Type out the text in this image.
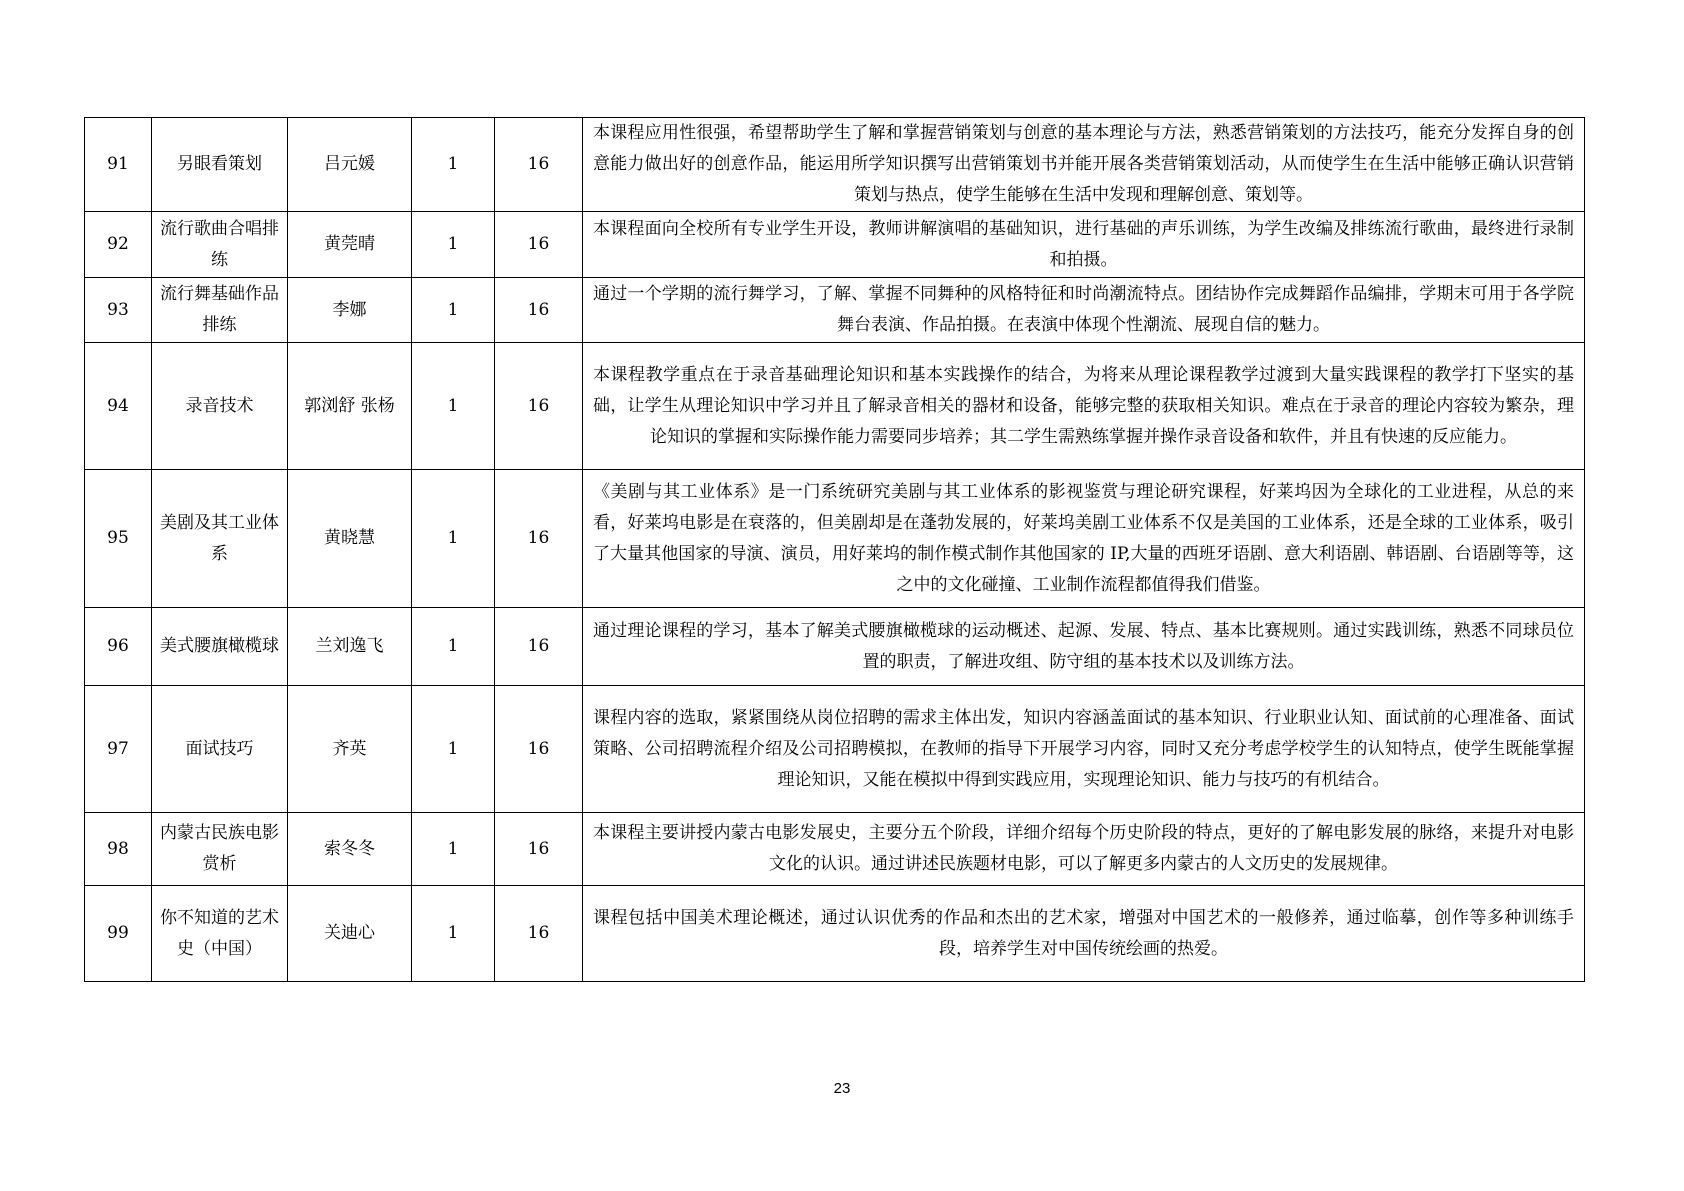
91	另眼看策划	吕元媛	1	16	本课程应用性很强，希望帮助学生了解和掌握营销策划与创意的基本理论与方法，熟悉营销策划的方法技巧，能充分发挥自身的创意能力做出好的创意作品，能运用所学知识撰写出营销策划书并能开展各类营销策划活动，从而使学生在生活中能够正确认识营销策划与热点，使学生能够在生活中发现和理解创意、策划等。
92	流行歌曲合唱排练	黄莞晴	1	16	本课程面向全校所有专业学生开设，教师讲解演唱的基础知识，进行基础的声乐训练，为学生改编及排练流行歌曲，最终进行录制和拍摄。
93	流行舞基础作品排练	李娜	1	16	通过一个学期的流行舞学习，了解、掌握不同舞种的风格特征和时尚潮流特点。团结协作完成舞蹈作品编排，学期末可用于各学院舞台表演、作品拍摄。在表演中体现个性潮流、展现自信的魅力。
94	录音技术	郭浏舒 张杨	1	16	本课程教学重点在于录音基础理论知识和基本实践操作的结合，为将来从理论课程教学过渡到大量实践课程的教学打下坚实的基础，让学生从理论知识中学习并且了解录音相关的器材和设备，能够完整的获取相关知识。难点在于录音的理论内容较为繁杂，理论知识的掌握和实际操作能力需要同步培养；其二学生需熟练掌握并操作录音设备和软件，并且有快速的反应能力。
95	美剧及其工业体系	黄晓慧	1	16	《美剧与其工业体系》是一门系统研究美剧与其工业体系的影视鉴赏与理论研究课程，好莱坞因为全球化的工业进程，从总的来看，好莱坞电影是在衰落的，但美剧却是在蓬勃发展的，好莱坞美剧工业体系不仅是美国的工业体系，还是全球的工业体系，吸引了大量其他国家的导演、演员，用好莱坞的制作模式制作其他国家的 IP,大量的西班牙语剧、意大利语剧、韩语剧、台语剧等等，这之中的文化碰撞、工业制作流程都值得我们借鉴。
96	美式腰旗橄榄球	兰刘逸飞	1	16	通过理论课程的学习，基本了解美式腰旗橄榄球的运动概述、起源、发展、特点、基本比赛规则。通过实践训练，熟悉不同球员位置的职责，了解进攻组、防守组的基本技术以及训练方法。
97	面试技巧	齐英	1	16	课程内容的选取，紧紧围绕从岗位招聘的需求主体出发，知识内容涵盖面试的基本知识、行业职业认知、面试前的心理准备、面试策略、公司招聘流程介绍及公司招聘模拟，在教师的指导下开展学习内容，同时又充分考虑学校学生的认知特点，使学生既能掌握理论知识，又能在模拟中得到实践应用，实现理论知识、能力与技巧的有机结合。
98	内蒙古民族电影赏析	索冬冬	1	16	本课程主要讲授内蒙古电影发展史，主要分五个阶段，详细介绍每个历史阶段的特点，更好的了解电影发展的脉络，来提升对电影文化的认识。通过讲述民族题材电影，可以了解更多内蒙古的人文历史的发展规律。
99	你不知道的艺术史（中国）	关迪心	1	16	课程包括中国美术理论概述，通过认识优秀的作品和杰出的艺术家，增强对中国艺术的一般修养，通过临摹，创作等多种训练手段，培养学生对中国传统绘画的热爱。
23
